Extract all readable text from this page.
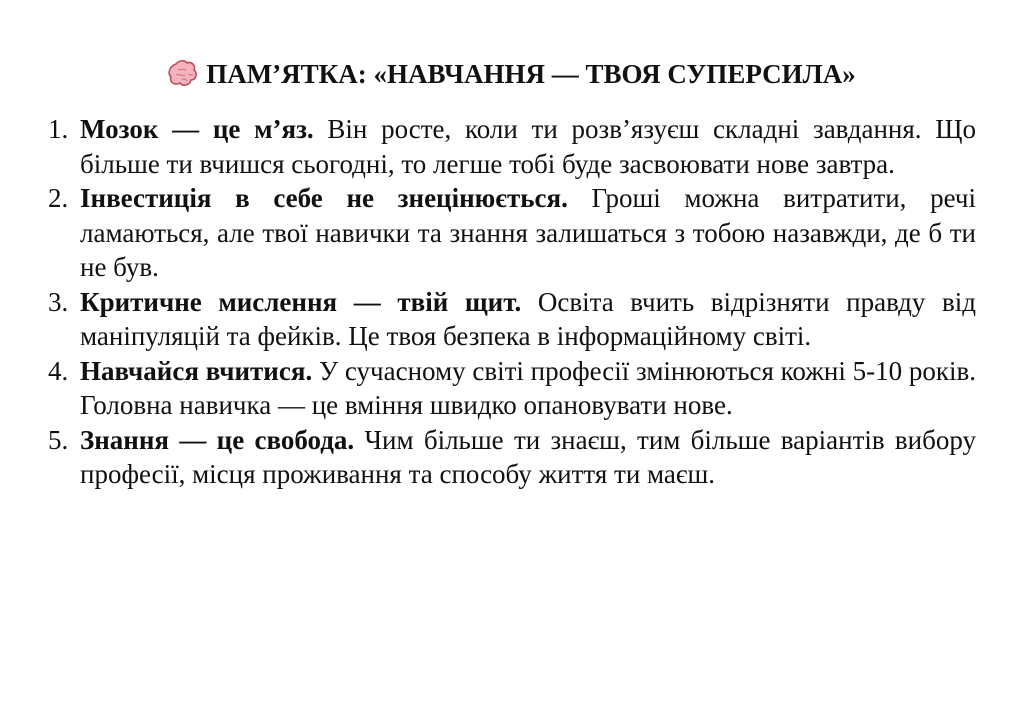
ПАМ’ЯТКА: «НАВЧАННЯ — ТВОЯ СУПЕРСИЛА»
1. Мозок — це м’яз. Він росте, коли ти розв’язуєш складні завдання. Що більше ти вчишся сьогодні, то легше тобі буде засвоювати нове завтра.
2. Інвестиція в себе не знецінюється. Гроші можна витратити, речі ламаються, але твої навички та знання залишаться з тобою назавжди, де б ти не був.
3. Критичне мислення — твій щит. Освіта вчить відрізняти правду від маніпуляцій та фейків. Це твоя безпека в інформаційному світі.
4. Навчайся вчитися. У сучасному світі професії змінюються кожні 5-10 років. Головна навичка — це вміння швидко опановувати нове.
5. Знання — це свобода. Чим більше ти знаєш, тим більше варіантів вибору професії, місця проживання та способу життя ти маєш.
